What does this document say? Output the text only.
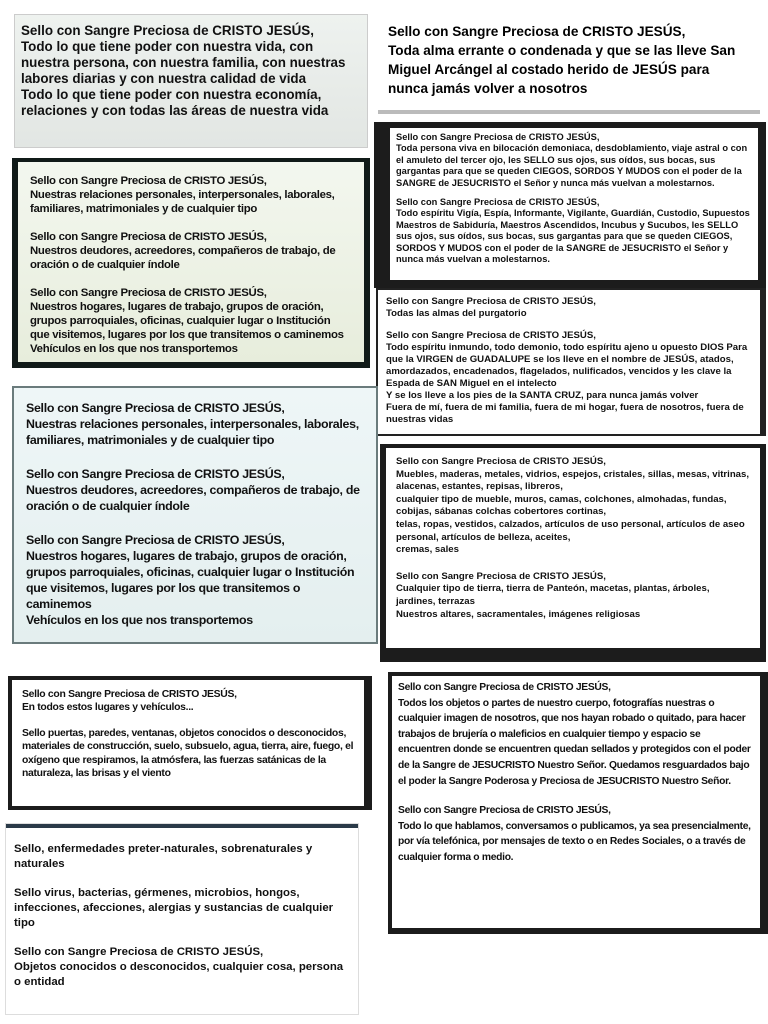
Sello con Sangre Preciosa de CRISTO JESÚS,
Todo lo que tiene poder con nuestra vida, con nuestra persona, con nuestra familia, con nuestras labores diarias y con nuestra calidad de vida
Todo lo que tiene poder con nuestra economía, relaciones y con todas las áreas de nuestra vida

Sello con Sangre Preciosa de CRISTO JESÚS,
Toda alma errante o condenada y que se las lleve San Miguel Arcángel al costado herido de JESÚS para nunca jamás volver a nosotros

Sello con Sangre Preciosa de CRISTO JESÚS,
Toda persona viva en bilocación demoniaca, desdoblamiento, viaje astral o con el amuleto del tercer ojo, les SELLO sus ojos, sus oídos, sus bocas, sus gargantas para que se queden CIEGOS, SORDOS Y MUDOS con el poder de la SANGRE de JESUCRISTO el Señor y nunca más vuelvan a molestarnos.

Sello con Sangre Preciosa de CRISTO JESÚS,
Todo espíritu Vigía, Espía, Informante, Vigilante, Guardián, Custodio, Supuestos Maestros de Sabiduría, Maestros Ascendidos, Incubus y Sucubos, les SELLO sus ojos, sus oídos, sus bocas, sus gargantas para que se queden CIEGOS, SORDOS Y MUDOS con el poder de la SANGRE de JESUCRISTO el Señor y nunca más vuelvan a molestarnos.

Sello con Sangre Preciosa de CRISTO JESÚS,
Nuestras relaciones personales, interpersonales, laborales, familiares, matrimoniales y de cualquier tipo

Sello con Sangre Preciosa de CRISTO JESÚS,
Nuestros deudores, acreedores, compañeros de trabajo, de oración o de cualquier índole

Sello con Sangre Preciosa de CRISTO JESÚS,
Nuestros hogares, lugares de trabajo, grupos de oración, grupos parroquiales, oficinas, cualquier lugar o Institución que visitemos, lugares por los que transitemos o caminemos
Vehículos en los que nos transportemos

Sello con Sangre Preciosa de CRISTO JESÚS,
Todas las almas del purgatorio

Sello con Sangre Preciosa de CRISTO JESÚS,
Todo espíritu inmundo, todo demonio, todo espíritu ajeno u opuesto DIOS Para que la VIRGEN de GUADALUPE se los lleve en el nombre de JESÚS, atados, amordazados, encadenados, flagelados, nulificados, vencidos y les clave la Espada de SAN Miguel en el intelecto
Y se los lleve a los pies de la SANTA CRUZ, para nunca jamás volver
Fuera de mí, fuera de mi familia, fuera de mi hogar, fuera de nosotros, fuera de nuestras vidas

Sello con Sangre Preciosa de CRISTO JESÚS,
Nuestras relaciones personales, interpersonales, laborales, familiares, matrimoniales y de cualquier tipo

Sello con Sangre Preciosa de CRISTO JESÚS,
Nuestros deudores, acreedores, compañeros de trabajo, de oración o de cualquier índole

Sello con Sangre Preciosa de CRISTO JESÚS,
Nuestros hogares, lugares de trabajo, grupos de oración, grupos parroquiales, oficinas, cualquier lugar o Institución que visitemos, lugares por los que transitemos o caminemos
Vehículos en los que nos transportemos

Sello con Sangre Preciosa de CRISTO JESÚS,
Muebles, maderas, metales, vidrios, espejos, cristales, sillas, mesas, vitrinas, alacenas, estantes, repisas, libreros,
cualquier tipo de mueble, muros, camas, colchones, almohadas, fundas, cobijas, sábanas colchas cobertores cortinas,
telas, ropas, vestidos, calzados, artículos de uso personal, artículos de aseo personal, artículos de belleza, aceites,
cremas, sales

Sello con Sangre Preciosa de CRISTO JESÚS,
Cualquier tipo de tierra, tierra de Panteón, macetas, plantas, árboles, jardines, terrazas
Nuestros altares, sacramentales, imágenes religiosas

Sello con Sangre Preciosa de CRISTO JESÚS,
En todos estos lugares y vehículos...

Sello puertas, paredes, ventanas, objetos conocidos o desconocidos, materiales de construcción, suelo, subsuelo, agua, tierra, aire, fuego, el oxígeno que respiramos, la atmósfera, las fuerzas satánicas de la naturaleza, las brisas y el viento

Sello con Sangre Preciosa de CRISTO JESÚS,
Todos los objetos o partes de nuestro cuerpo, fotografías nuestras o cualquier imagen de nosotros, que nos hayan robado o quitado, para hacer trabajos de brujería o maleficios en cualquier tiempo y espacio se encuentren donde se encuentren quedan sellados y protegidos con el poder de la Sangre de JESUCRISTO Nuestro Señor. Quedamos resguardados bajo el poder la Sangre Poderosa y Preciosa de JESUCRISTO Nuestro Señor.

Sello con Sangre Preciosa de CRISTO JESÚS,
Todo lo que hablamos, conversamos o publicamos, ya sea presencialmente, por vía telefónica, por mensajes de texto o en Redes Sociales, o a través de cualquier forma o medio.

Sello, enfermedades preter-naturales, sobrenaturales y naturales

Sello virus, bacterias, gérmenes, microbios, hongos, infecciones, afecciones, alergias y sustancias de cualquier tipo

Sello con Sangre Preciosa de CRISTO JESÚS,
Objetos conocidos o desconocidos, cualquier cosa, persona o entidad
